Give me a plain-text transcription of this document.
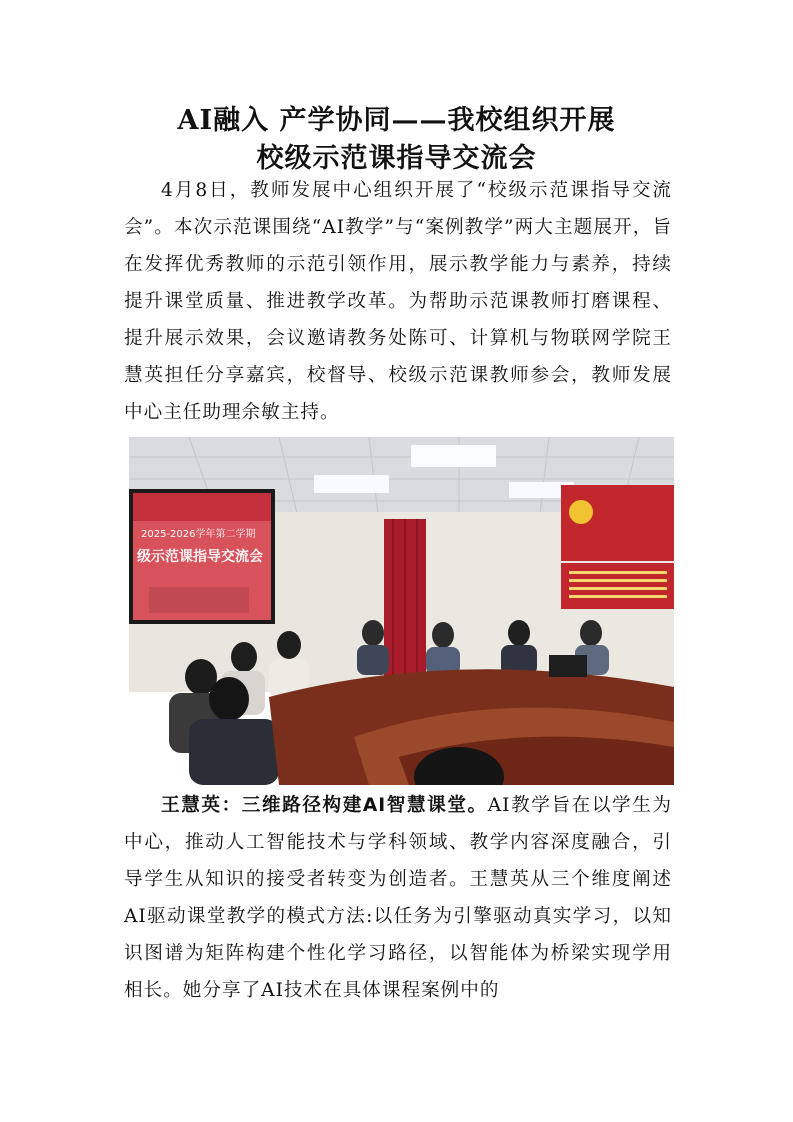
AI融入 产学协同——我校组织开展
校级示范课指导交流会

4月8日，教师发展中心组织开展了“校级示范课指导交流会”。本次示范课围绕“AI教学”与“案例教学”两大主题展开，旨在发挥优秀教师的示范引领作用，展示教学能力与素养，持续提升课堂质量、推进教学改革。为帮助示范课教师打磨课程、提升展示效果，会议邀请教务处陈可、计算机与物联网学院王慧英担任分享嘉宾，校督导、校级示范课教师参会，教师发展中心主任助理余敏主持。

2025-2026学年第二学期
级示范课指导交流会

王慧英：三维路径构建AI智慧课堂。AI教学旨在以学生为中心，推动人工智能技术与学科领域、教学内容深度融合，引导学生从知识的接受者转变为创造者。王慧英从三个维度阐述AI驱动课堂教学的模式方法:以任务为引擎驱动真实学习，以知识图谱为矩阵构建个性化学习路径，以智能体为桥梁实现学用相长。她分享了AI技术在具体课程案例中的
